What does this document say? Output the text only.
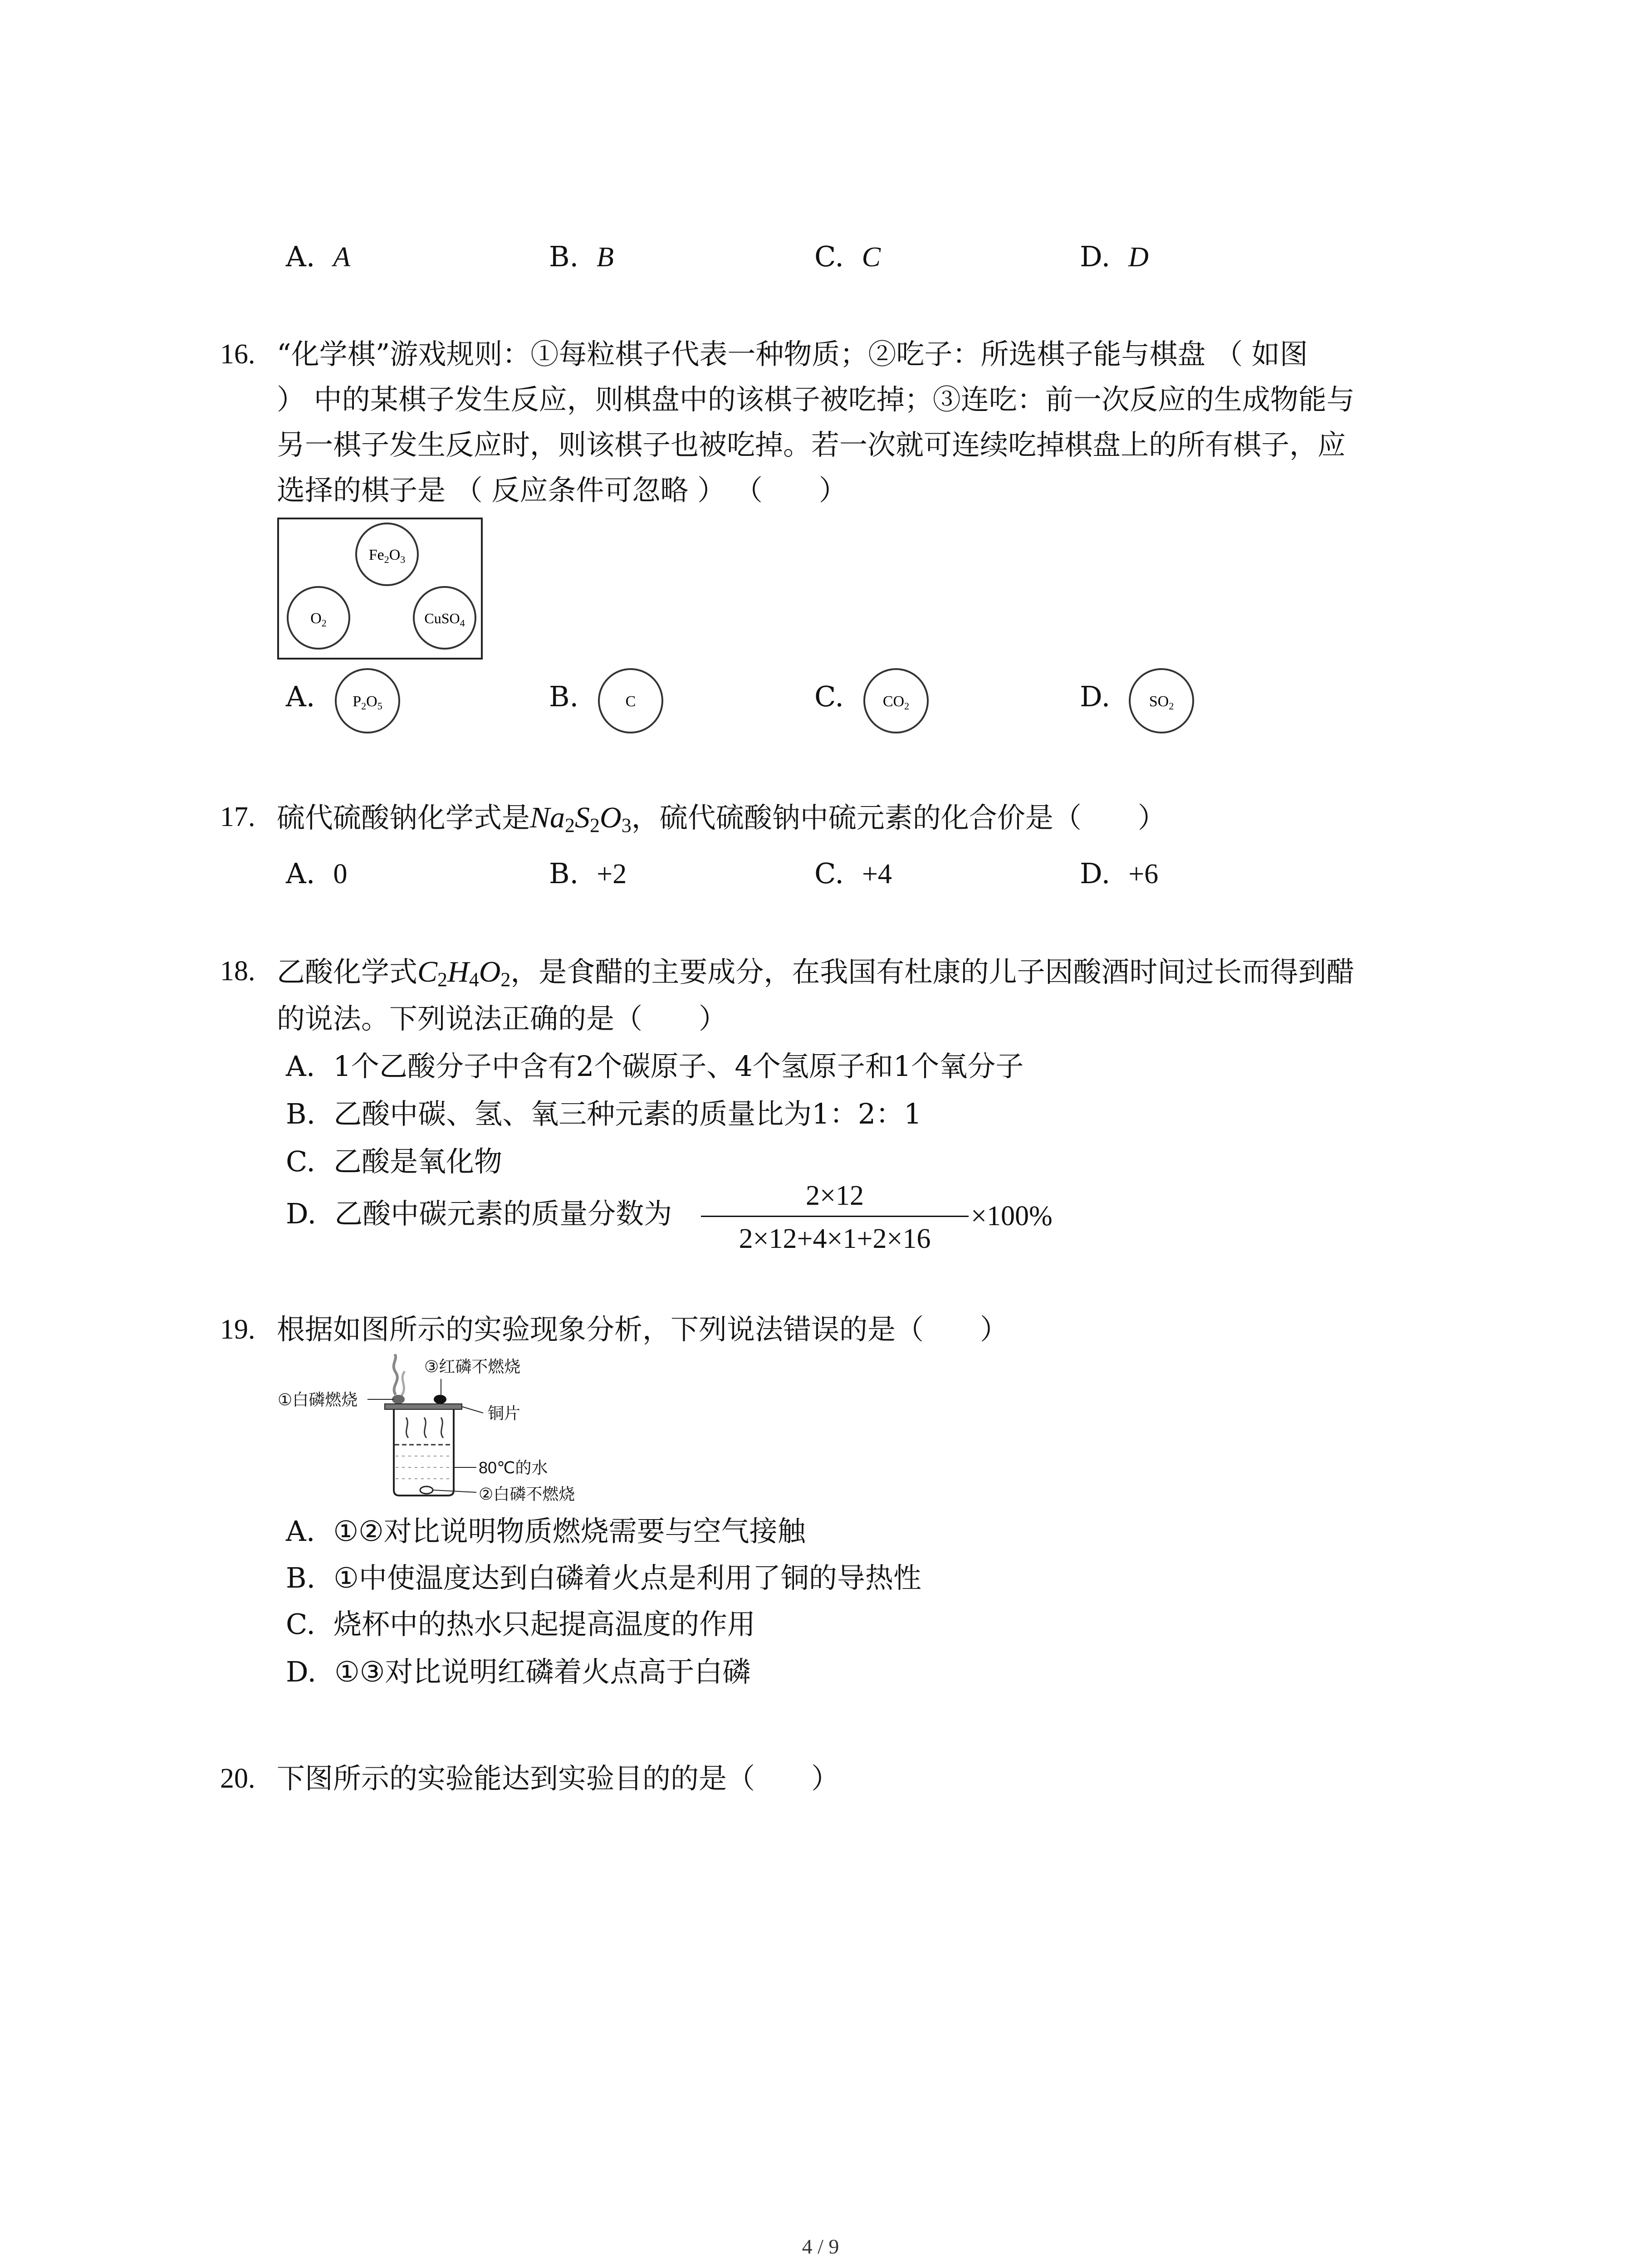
A. A	B. B	C. C	D. D
16. “化学棋”游戏规则：①每粒棋子代表一种物质；②吃子：所选棋子能与棋盘 （ 如图
） 中的某棋子发生反应，则棋盘中的该棋子被吃掉；③连吃：前一次反应的生成物能与
另一棋子发生反应时，则该棋子也被吃掉。若一次就可连续吃掉棋盘上的所有棋子，应
选择的棋子是 （ 反应条件可忽略 ） （　　）
$Fe_2O_3$
$O_2$	CuSO$_4$
A. $P_2O_5$	B.	C	C.	$CO_2$	D.	$SO_2$
17. 硫代硫酸钠化学式是$Na_2S_2O_3$，硫代硫酸钠中硫元素的化合价是（　　）
A. 0	B. +2	C. +4	D. +6
18. 乙酸化学式$C_2H_4O_2$，是食醋的主要成分，在我国有杜康的儿子因酸酒时间过长而得到醋
的说法。下列说法正确的是（　　）
A. 1个乙酸分子中含有2个碳原子、4个氢原子和1个氧分子
B. 乙酸中碳、氢、氧三种元素的质量比为1：2：1
C. 乙酸是氧化物
D. 乙酸中碳元素的质量分数为
2×12
2×12+4×1+2×16
×100%
19. 根据如图所示的实验现象分析，下列说法错误的是（　　）
③红磷不燃烧
①白磷燃烧
铜片
80℃的水
②白磷不燃烧
A. ①②对比说明物质燃烧需要与空气接触
B. ①中使温度达到白磷着火点是利用了铜的导热性
C. 烧杯中的热水只起提高温度的作用
D. ①③对比说明红磷着火点高于白磷
20. 下图所示的实验能达到实验目的的是（　　）
4 / 9
